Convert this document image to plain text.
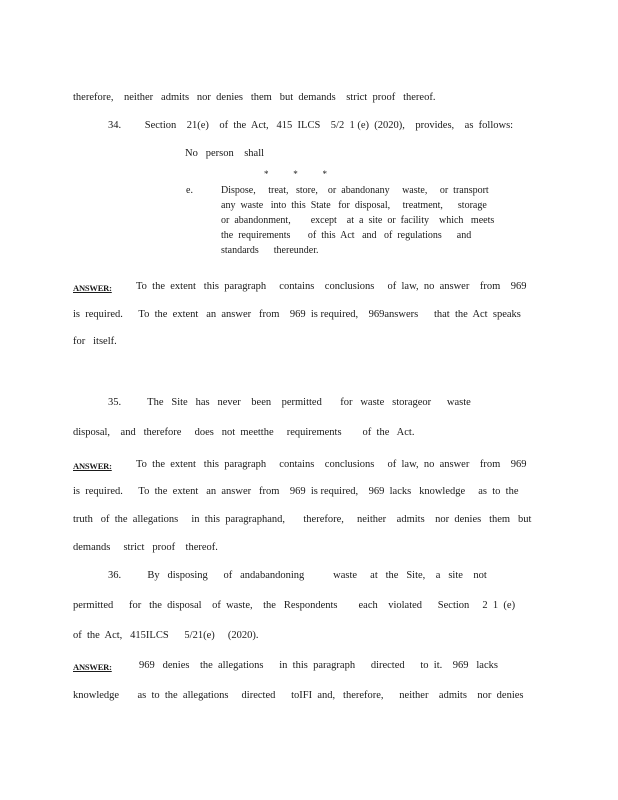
therefore,    neither   admits   nor  denies   them   but  demands    strict  proof   thereof.
34.         Section    21(e)    of  the  Act,   415  ILCS    5/2  1 (e)  (2020),    provides,    as  follows:
No   person    shall
*           *           *
e.	Dispose,     treat,   store,    or  abandonany     waste,     or  transport
any  waste   into  this  State   for  disposal,     treatment,      storage
or  abandonment,        except    at  a  site  or  facility    which   meets
the  requirements       of  this  Act   and   of  regulations      and
standards      thereunder.
ANSWER:	To  the  extent   this  paragraph     contains    conclusions     of  law,  no  answer    from    969
is  required.      To  the  extent   an  answer   from    969  is required,    969answers      that  the  Act  speaks
for   itself.
35.          The   Site   has   never    been    permitted       for   waste   storageor      waste
disposal,    and   therefore     does   not  meetthe     requirements        of  the   Act.
ANSWER:	To  the  extent   this  paragraph     contains    conclusions     of  law,  no  answer    from    969
is  required.      To  the  extent   an  answer   from    969  is required,    969  lacks   knowledge     as  to  the
truth   of  the  allegations     in  this  paragraphand,       therefore,     neither    admits    nor  denies   them   but
demands     strict   proof    thereof.
36.          By   disposing      of   andabandoning           waste     at   the   Site,    a   site    not
permitted      for   the  disposal    of  waste,    the   Respondents        each    violated      Section     2  1  (e)
of  the  Act,   415ILCS      5/21(e)     (2020).
ANSWER:	969   denies    the  allegations      in  this  paragraph      directed      to  it.    969   lacks
knowledge       as  to  the  allegations     directed      toIFI  and,   therefore,      neither    admits    nor  denies
